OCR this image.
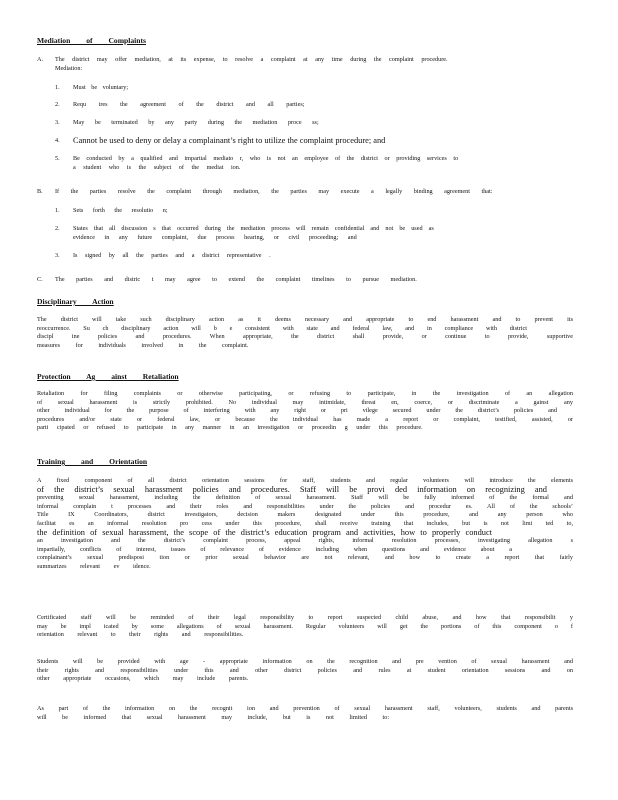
Mediation of Complaints
A. The district may offer mediation, at its expense, to resolve a complaint at any time during the complaint procedure.
Mediation:
1. Must be voluntary;
2. Requ ires the agreement of the district and all parties;
3. May be terminated by any party during the mediation proce ss;
4. Cannot be used to deny or delay a complainant’s right to utilize the complaint procedure; and
5. Be conducted by a qualified and impartial mediato r, who is not an employee of the district or providing services to
a student who is the subject of the mediat ion.
B. If the parties resolve the complaint through mediation, the parties may execute a legally binding agreement that:
1. Sets forth the resolutio n;
2. States that all discussion s that occurred during the mediation process will remain confidential and not be used as
evidence in any future complaint, due process hearing, or civil proceeding; and
3. Is signed by all the parties and a district representative .
C. The parties and distric t may agree to extend the complaint timelines to pursue mediation.
Disciplinary Action
The district will take such disciplinary action as it deems necessary and appropriate to end harassment and to prevent its
reoccurrence. Su ch disciplinary action will b e consistent with state and federal law, and in compliance with district
discipl ine policies and procedures. When appropriate, the district shall provide, or continue to provide, supportive
measures for individuals involved in the complaint.
Protection Ag ainst Retaliation
Retaliation for filing complaints or otherwise participating, or refusing to participate, in the investigation of an allegation
of sexual harassment is strictly prohibited. No individual may intimidate, threat en, coerce, or discriminate a gainst any
other individual for the purpose of interfering with any right or pri vilege secured under the district’s policies and
procedures and/or state or federal law, or because the individual has made a report or complaint, testified, assisted, or
parti cipated or refused to participate in any manner in an investigation or proceedin g under this procedure.
Training and Orientation
A fixed component of all district orientation sessions for staff, students and regular volunteers will introduce the elements
of the district’s sexual harassment policies and procedures. Staff will be provi ded information on recognizing and
preventing sexual harassment, including the definition of sexual harassment. Staff will be fully informed of the formal and
informal complain t processes and their roles and responsibilities under the policies and procedur es. All of the schools’
Title IX Coordinators, district investigators, decision makers designated under this procedure, and any person who
facilitat es an informal resolution pro cess under this procedure, shall receive training that includes, but is not limi ted to,
the definition of sexual harassment, the scope of the district’s education program and activities, how to properly conduct
an investigation and the district’s complaint process, appeal rights, informal resolution processes, investigating allegation s
impartially, conflicts of interest, issues of relevance of evidence including when questions and evidence about a
complainant’s sexual predisposi tion or prior sexual behavior are not relevant, and how to create a report that fairly
summarizes relevant ev idence.
Certificated staff will be reminded of their legal responsibility to report suspected child abuse, and how that responsibilit y
may be impl icated by some allegations of sexual harassment. Regular volunteers will get the portions of this component o f
orientation relevant to their rights and responsibilities.
Students will be provided with age - appropriate information on the recognition and pre vention of sexual harassment and
their rights and responsibilities under this and other district policies and rules at student orientation sessions and on
other appropriate occasions, which may include parents.
As part of the information on the recognit ion and prevention of sexual harassment staff, volunteers, students and parents
will be informed that sexual harassment may include, but is not limited to:
